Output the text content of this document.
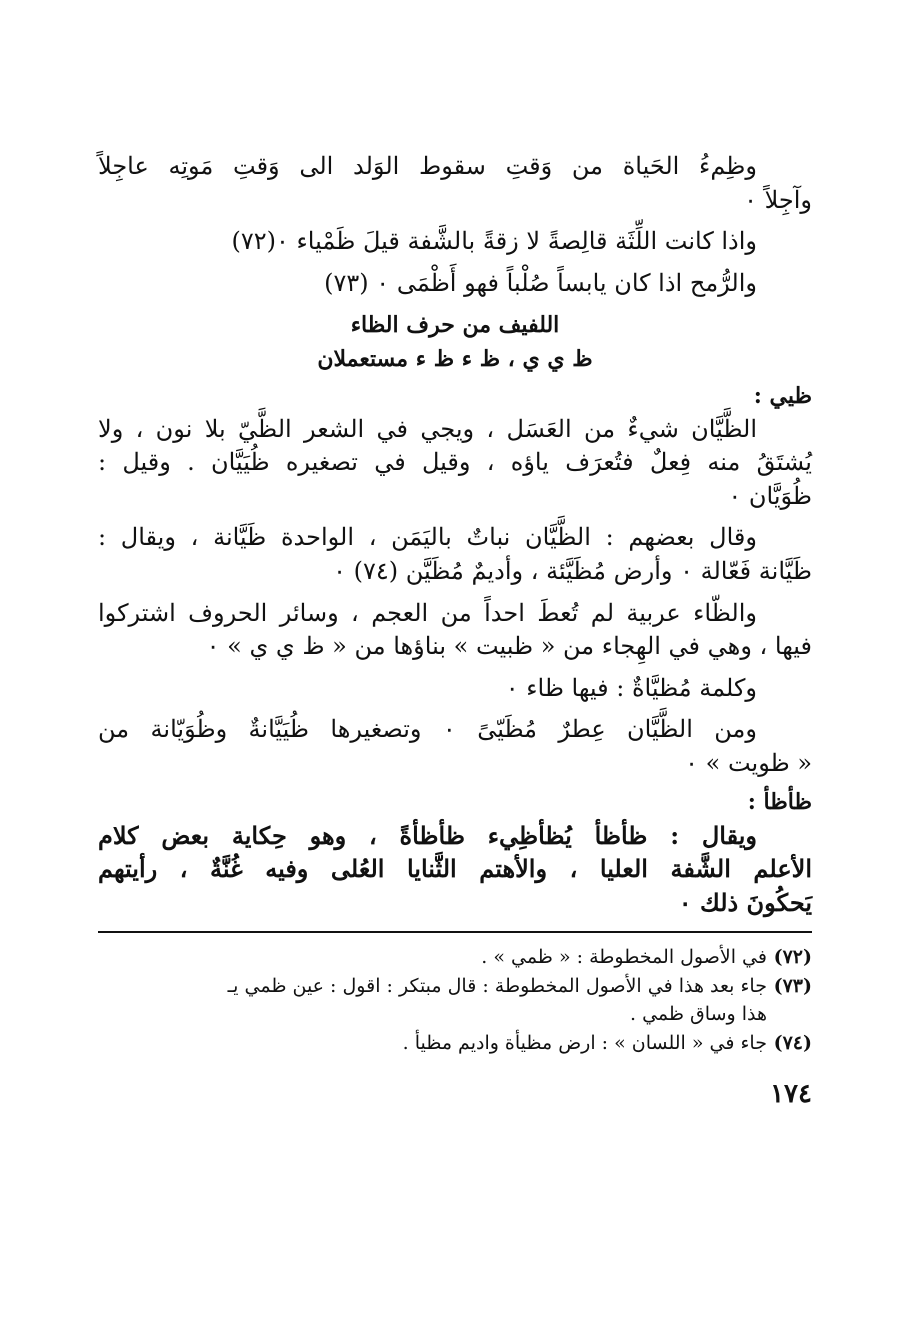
وظِمءُ الحَياة من وَقتِ سقوط الوَلد الى وَقتِ مَوتِه عاجِلاً
وآجِلاً ٠
واذا كانت اللِّثَة قالِصةً لا زقةً بالشَّفة قيلَ ظَمْياء ٠(٧٢)
والرُّمح اذا كان يابساً صُلْباً فهو أَظْمَى ٠ (٧٣)
اللفيف من حرف الظاء
ظ ي ي ، ظ ء ظ ء مستعملان
ظيي :
الظَّيَّان شيءٌ من العَسَل ، ويجي في الشعر الظَّيّ بلا نون ، ولا
يُشتَقُ منه فِعلٌ فتُعرَف ياؤه ، وقيل في تصغيره ظُيَيَّان . وقيل :
ظُوَيَّان ٠
وقال بعضهم : الظَّيَّان نباتٌ باليَمَن ، الواحدة ظَيَّانة ، ويقال :
ظَيَّانة فَعّالة ٠ وأرض مُظَيَّئة ، وأديمٌ مُظَيَّن (٧٤) ٠
والظّاء عربية لم تُعطَ احداً من العجم ، وسائر الحروف اشتركوا
فيها ، وهي في الهِجاء من « ظبيت » بناؤها من « ظ ي ي » ٠
وكلمة مُظيَّاةٌ : فيها ظاء ٠
ومن الظَّيَّان عِطرٌ مُظَيّىً ٠ وتصغيرها ظُيَيَّانةٌ وظُوَيّانة من
« ظويت » ٠
ظأظأ :
ويقال : ظأظأ يُظأظِيء ظأظأةً ، وهو حِكاية بعض كلام
الأعلم الشَّفة العليا ، والأهتم الثَّنايا العُلى وفيه غُنَّةٌ ، رأيتهم
يَحكُونَ ذلك ٠
(٧٢) في الأصول المخطوطة : « ظمي » .
(٧٣) جاء بعد هذا في الأصول المخطوطة : قال مبتكر : اقول : عين ظمي يـ
هذا وساق ظمي .
(٧٤) جاء في « اللسان » : ارض مظيأة واديم مظيأ .
١٧٤
